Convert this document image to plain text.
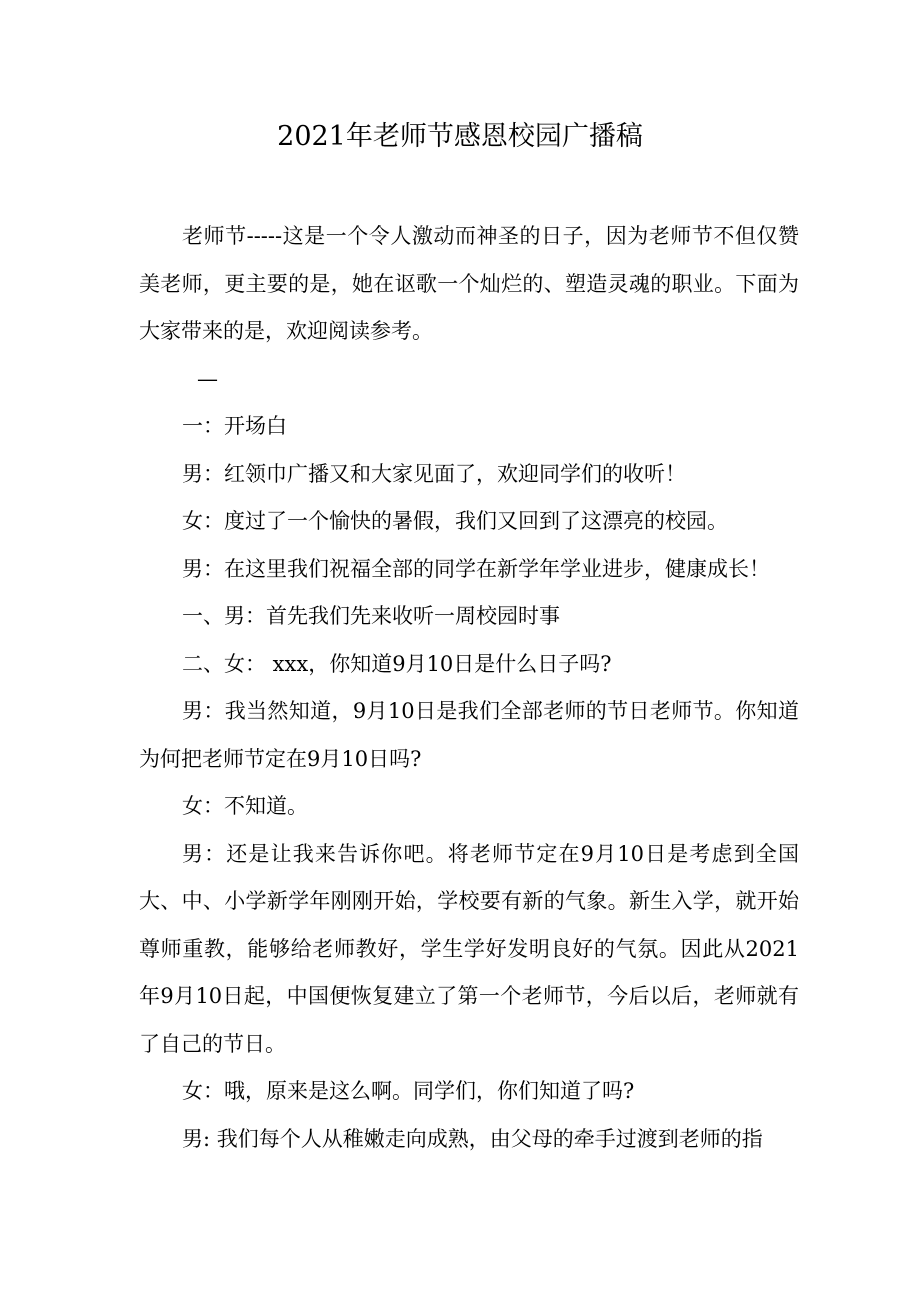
2021年老师节感恩校园广播稿

老师节-----这是一个令人激动而神圣的日子，因为老师节不但仅赞美老师，更主要的是，她在讴歌一个灿烂的、塑造灵魂的职业。下面为大家带来的是，欢迎阅读参考。

—

一：开场白

男：红领巾广播又和大家见面了，欢迎同学们的收听！

女：度过了一个愉快的暑假，我们又回到了这漂亮的校园。

男：在这里我们祝福全部的同学在新学年学业进步，健康成长！

一、男：首先我们先来收听一周校园时事

二、女： xxx，你知道9月10日是什么日子吗?

男：我当然知道，9月10日是我们全部老师的节日老师节。你知道为何把老师节定在9月10日吗?

女：不知道。

男：还是让我来告诉你吧。将老师节定在9月10日是考虑到全国大、中、小学新学年刚刚开始，学校要有新的气象。新生入学，就开始尊师重教，能够给老师教好，学生学好发明良好的气氛。因此从2021年9月10日起，中国便恢复建立了第一个老师节，今后以后，老师就有了自己的节日。

女：哦，原来是这么啊。同学们，你们知道了吗?

男: 我们每个人从稚嫩走向成熟，由父母的牵手过渡到老师的指
